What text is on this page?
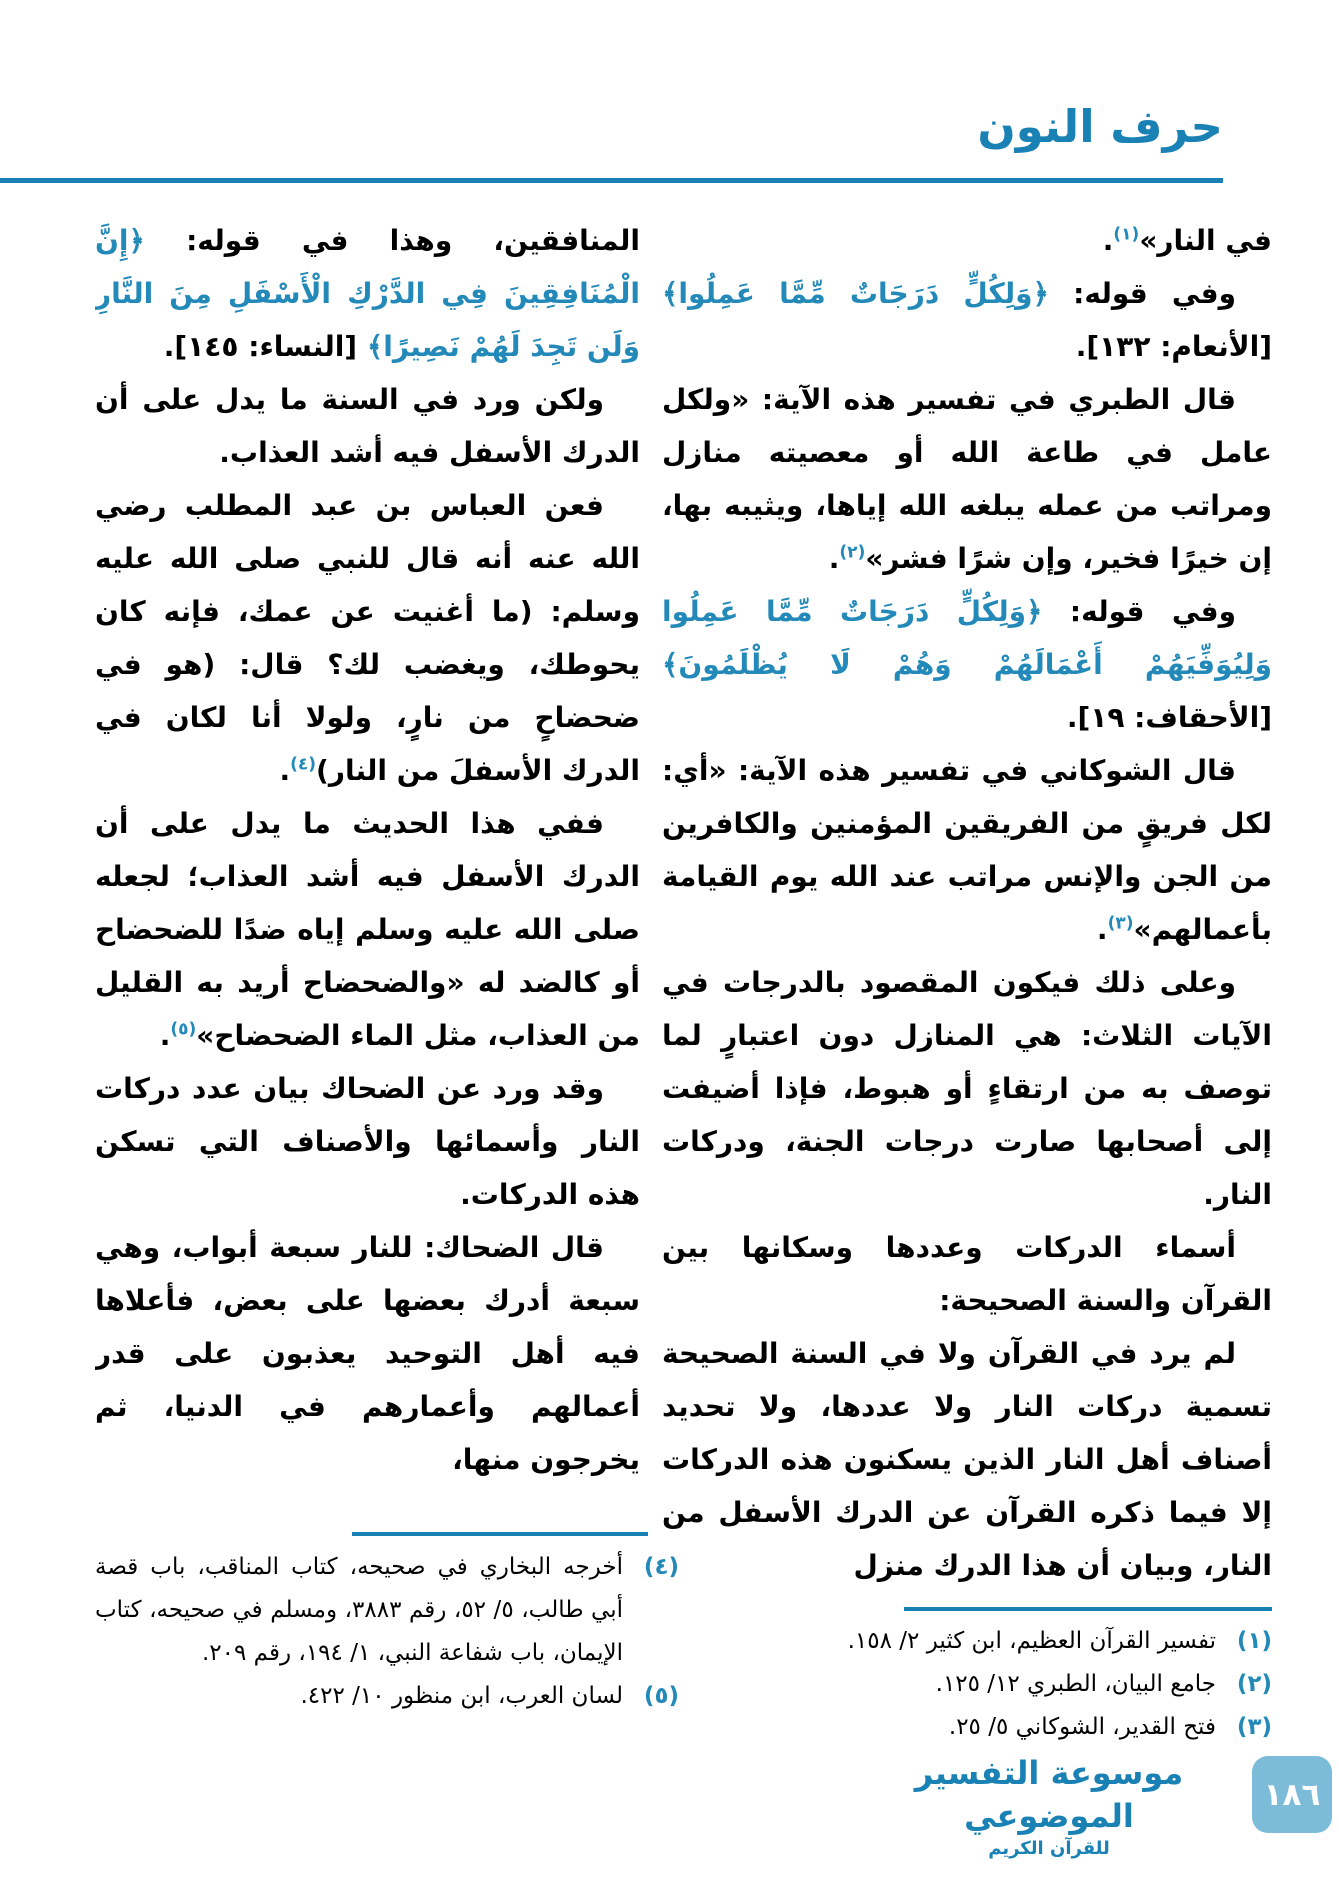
حرف النون

في النار»$^{(١)}$.

وفي قوله: ﴿وَلِكُلٍّ دَرَجَاتٌ مِّمَّا عَمِلُوا﴾ [الأنعام: ١٣٢].

قال الطبري في تفسير هذه الآية: «ولكل عامل في طاعة الله أو معصيته منازل ومراتب من عمله يبلغه الله إياها، ويثيبه بها، إن خيرًا فخير، وإن شرًا فشر»$^{(٢)}$.

وفي قوله: ﴿وَلِكُلٍّ دَرَجَاتٌ مِّمَّا عَمِلُوا وَلِيُوَفِّيَهُمْ أَعْمَالَهُمْ وَهُمْ لَا يُظْلَمُونَ﴾ [الأحقاف: ١٩].

قال الشوكاني في تفسير هذه الآية: «أي: لكل فريقٍ من الفريقين المؤمنين والكافرين من الجن والإنس مراتب عند الله يوم القيامة بأعمالهم»$^{(٣)}$.

وعلى ذلك فيكون المقصود بالدرجات في الآيات الثلاث: هي المنازل دون اعتبارٍ لما توصف به من ارتقاءٍ أو هبوط، فإذا أضيفت إلى أصحابها صارت درجات الجنة، ودركات النار.

أسماء الدركات وعددها وسكانها بين القرآن والسنة الصحيحة:

لم يرد في القرآن ولا في السنة الصحيحة تسمية دركات النار ولا عددها، ولا تحديد أصناف أهل النار الذين يسكنون هذه الدركات إلا فيما ذكره القرآن عن الدرك الأسفل من النار، وبيان أن هذا الدرك منزل

المنافقين، وهذا في قوله: ﴿إِنَّ الْمُنَافِقِينَ فِي الدَّرْكِ الْأَسْفَلِ مِنَ النَّارِ وَلَن تَجِدَ لَهُمْ نَصِيرًا﴾ [النساء: ١٤٥].

ولكن ورد في السنة ما يدل على أن الدرك الأسفل فيه أشد العذاب.

فعن العباس بن عبد المطلب رضي الله عنه أنه قال للنبي صلى الله عليه وسلم: (ما أغنيت عن عمك، فإنه كان يحوطك، ويغضب لك؟ قال: (هو في ضحضاحٍ من نارٍ، ولولا أنا لكان في الدرك الأسفلَ من النار)$^{(٤)}$.

ففي هذا الحديث ما يدل على أن الدرك الأسفل فيه أشد العذاب؛ لجعله صلى الله عليه وسلم إياه ضدًا للضحضاح أو كالضد له «والضحضاح أريد به القليل من العذاب، مثل الماء الضحضاح»$^{(٥)}$.

وقد ورد عن الضحاك بيان عدد دركات النار وأسمائها والأصناف التي تسكن هذه الدركات.

قال الضحاك: للنار سبعة أبواب، وهي سبعة أدرك بعضها على بعض، فأعلاها فيه أهل التوحيد يعذبون على قدر أعمالهم وأعمارهم في الدنيا، ثم يخرجون منها،

(٤)
أخرجه البخاري في صحيحه، كتاب المناقب، باب قصة أبي طالب، ٥/ ٥٢، رقم ٣٨٨٣، ومسلم في صحيحه، كتاب الإيمان، باب شفاعة النبي، ١/ ١٩٤، رقم ٢٠٩.
(٥)
لسان العرب، ابن منظور ١٠/ ٤٢٢.
(١)
تفسير القرآن العظيم، ابن كثير ٢/ ١٥٨.
(٢)
جامع البيان، الطبري ١٢/ ١٢٥.
(٣)
فتح القدير، الشوكاني ٥/ ٢٥.
موسوعة التفسير الموضوعي
للقرآن الكريم
١٨٦
